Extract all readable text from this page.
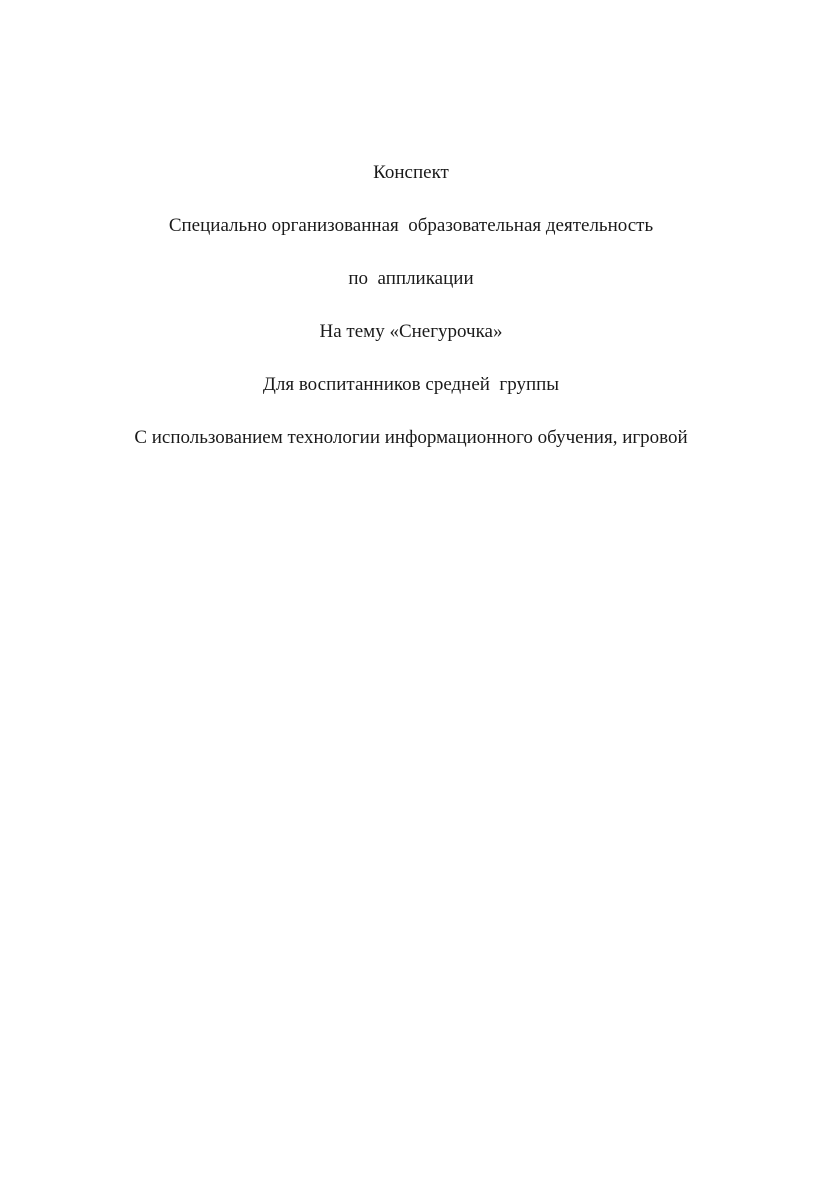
Конспект
Специально организованная  образовательная деятельность
по  аппликации
На тему «Снегурочка»
Для воспитанников средней  группы
С использованием технологии информационного обучения, игровой
